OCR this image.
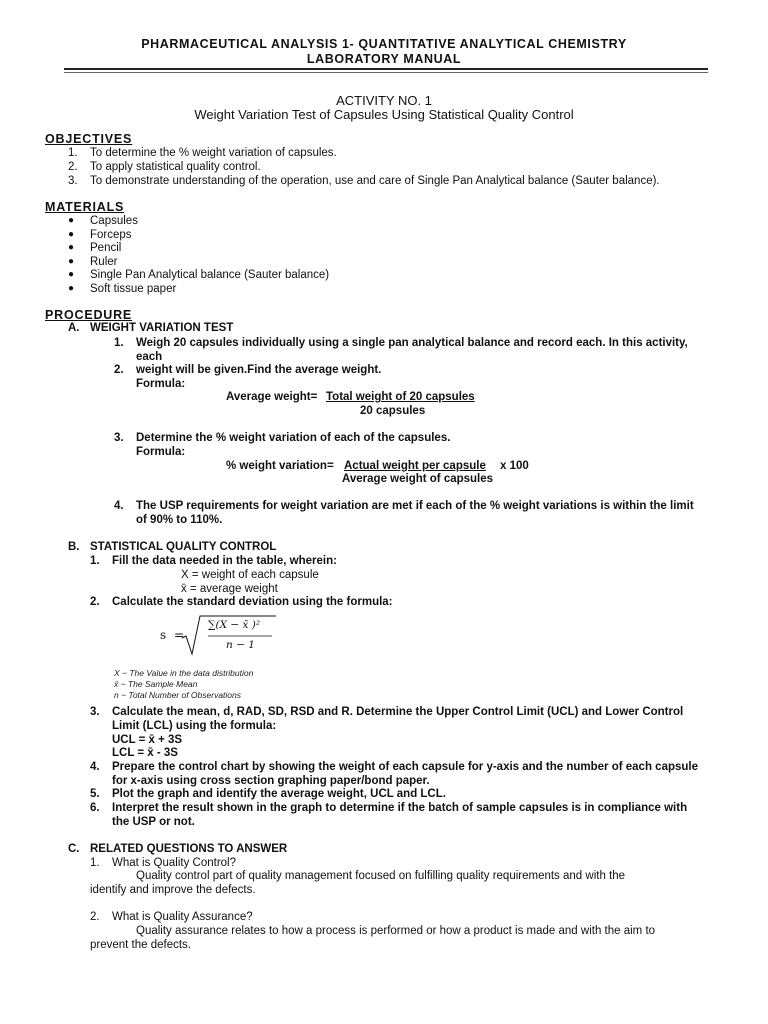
PHARMACEUTICAL ANALYSIS 1- QUANTITATIVE ANALYTICAL CHEMISTRY
LABORATORY MANUAL
ACTIVITY NO. 1
Weight Variation Test of Capsules Using Statistical Quality Control
OBJECTIVES
1. To determine the % weight variation of capsules.
2. To apply statistical quality control.
3. To demonstrate understanding of the operation, use and care of Single Pan Analytical balance (Sauter balance).
MATERIALS
● Capsules
● Forceps
● Pencil
● Ruler
● Single Pan Analytical balance (Sauter balance)
● Soft tissue paper
PROCEDURE
A. WEIGHT VARIATION TEST
1. Weigh 20 capsules individually using a single pan analytical balance and record each. In this activity,
each
2. weight will be given.Find the average weight.
Formula:
Average weight= Total weight of 20 capsules
20 capsules
3. Determine the % weight variation of each of the capsules.
Formula:
% weight variation= Actual weight per capsule x 100
Average weight of capsules
4. The USP requirements for weight variation are met if each of the % weight variations is within the limit
of 90% to 110%.
B. STATISTICAL QUALITY CONTROL
1. Fill the data needed in the table, wherein:
X = weight of each capsule
x̄ = average weight
2. Calculate the standard deviation using the formula:
s =
∑(X − x̄ )²
n − 1
X − The Value in the data distribution
x̄ − The Sample Mean
n − Total Number of Observations
3. Calculate the mean, d, RAD, SD, RSD and R. Determine the Upper Control Limit (UCL) and Lower Control
Limit (LCL) using the formula:
UCL = x̄ + 3S
LCL = x̄ - 3S
4. Prepare the control chart by showing the weight of each capsule for y-axis and the number of each capsule
for x-axis using cross section graphing paper/bond paper.
5. Plot the graph and identify the average weight, UCL and LCL.
6. Interpret the result shown in the graph to determine if the batch of sample capsules is in compliance with
the USP or not.
C. RELATED QUESTIONS TO ANSWER
1. What is Quality Control?
Quality control part of quality management focused on fulfilling quality requirements and with the
identify and improve the defects.
2. What is Quality Assurance?
Quality assurance relates to how a process is performed or how a product is made and with the aim to
prevent the defects.
